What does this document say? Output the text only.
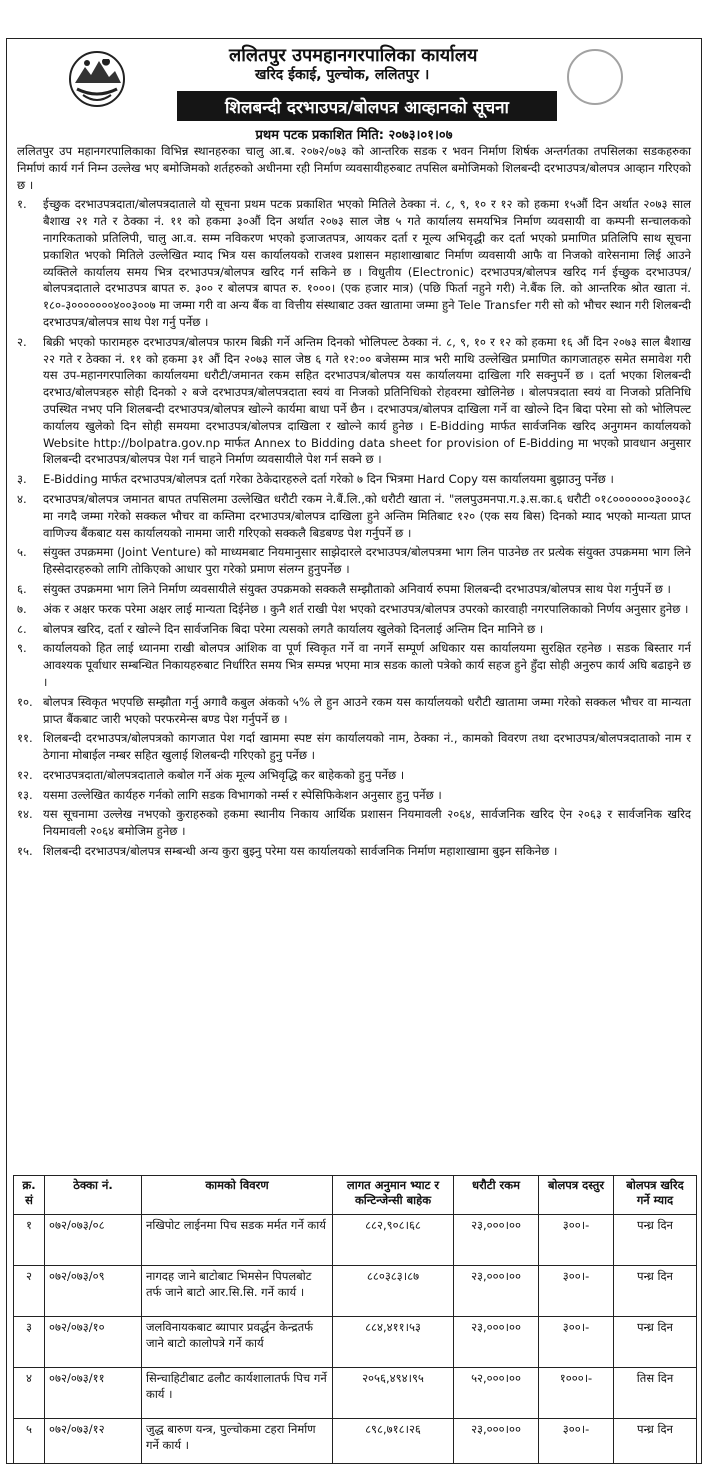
ललितपुर उपमहानगरपालिका कार्यालय
खरिद ईकाई, पुल्चोक, ललितपुर ।
शिलबन्दी दरभाउपत्र/बोलपत्र आव्हानको सूचना
प्रथम पटक प्रकाशित मिति: २०७३।०१।०७
ललितपुर उप महानगरपालिकाका विभिन्न स्थानहरुका चालु आ.ब. २०७२/०७३ को आन्तरिक सडक र भवन निर्माण शिर्षक अन्तर्गतका तपसिलका सडकहरुका निर्माणं कार्य गर्न निम्न उल्लेख भए बमोजिमको शर्तहरुको अधीनमा रही निर्माण व्यवसायीहरुबाट तपसिल बमोजिमको शिलबन्दी दरभाउपत्र/बोलपत्र आव्हान गरिएको छ ।
१.	ईच्छुक दरभाउपत्रदाता/बोलपत्रदाताले यो सूचना प्रथम पटक प्रकाशित भएको मितिले ठेक्का नं. ८, ९, १० र १२ को हकमा १५औं दिन अर्थात २०७३ साल बैशाख २१ गते र ठेक्का नं. ११ को हकमा ३०औं दिन अर्थात २०७३ साल जेष्ठ ५ गते कार्यालय समयभित्र निर्माण व्यवसायी वा कम्पनी सन्चालकको नागरिकताको प्रतिलिपी, चालु आ.व. सम्म नविकरण भएको इजाजतपत्र, आयकर दर्ता र मूल्य अभिवृद्धी कर दर्ता भएको प्रमाणित प्रतिलिपि साथ सूचना प्रकाशित भएको मितिले उल्लेखित म्याद भित्र यस कार्यालयको राजश्व प्रशासन महाशाखाबाट निर्माण व्यवसायी आफै वा निजको वारेसनामा लिई आउने व्यक्तिले कार्यालय समय भित्र दरभाउपत्र/बोलपत्र खरिद गर्न सकिने छ । विधुतीय (Electronic) दरभाउपत्र/बोलपत्र खरिद गर्न ईच्छुक दरभाउपत्र/बोलपत्रदाताले दरभाउपत्र बापत रु. ३०० र बोलपत्र बापत रु. १०००। (एक हजार मात्र) (पछि फिर्ता नहुने गरी) ने.बैंक लि. को आन्तरिक श्रोत खाता नं. १८०-३०००००००४००३००७ मा जम्मा गरी वा अन्य बैंक वा वित्तीय संस्थाबाट उक्त खातामा जम्मा हुने Tele Transfer गरी सो को भौचर स्थान गरी शिलबन्दी दरभाउपत्र/बोलपत्र साथ पेश गर्नु पर्नेछ ।
२.	बिक्री भएको फारामहरु दरभाउपत्र/बोलपत्र फारम बिक्री गर्ने अन्तिम दिनको भोलिपल्ट ठेक्का नं. ८, ९, १० र १२ को हकमा १६ औं दिन २०७३ साल बैशाख २२ गते र ठेक्का नं. ११ को हकमा ३१ औं दिन २०७३ साल जेष्ठ ६ गते १२:०० बजेसम्म मात्र भरी माथि उल्लेखित प्रमाणित कागजातहरु समेत समावेश गरी यस उप-महानगरपालिका कार्यालयमा धरौटी/जमानत रकम सहित दरभाउपत्र/बोलपत्र यस कार्यालयमा दाखिला गरि सक्नुपर्ने छ । दर्ता भएका शिलबन्दी दरभाउ/बोलपत्रहरु सोही दिनको २ बजे दरभाउपत्र/बोलपत्रदाता स्वयं वा निजको प्रतिनिधिको रोहवरमा खोलिनेछ । बोलपत्रदाता स्वयं वा निजको प्रतिनिधि उपस्थित नभए पनि शिलबन्दी दरभाउपत्र/बोलपत्र खोल्ने कार्यमा बाधा पर्ने छैन । दरभाउपत्र/बोलपत्र दाखिला गर्ने वा खोल्ने दिन बिदा परेमा सो को भोलिपल्ट कार्यालय खुलेको दिन सोही समयमा दरभाउपत्र/बोलपत्र दाखिला र खोल्ने कार्य हुनेछ । E-Bidding मार्फत सार्वजनिक खरिद अनुगमन कार्यालयको Website http://bolpatra.gov.np मार्फत Annex to Bidding data sheet for provision of E-Bidding मा भएको प्रावधान अनुसार शिलबन्दी दरभाउपत्र/बोलपत्र पेश गर्न चाहने निर्माण व्यवसायीले पेश गर्न सक्ने छ ।
३.	E-Bidding मार्फत दरभाउपत्र/बोलपत्र दर्ता गरेका ठेकेदारहरुले दर्ता गरेको ७ दिन भित्रमा Hard Copy यस कार्यालयमा बुझाउनु पर्नेछ ।
४.	दरभाउपत्र/बोलपत्र जमानत बापत तपसिलमा उल्लेखित धरौटी रकम ने.बैं.लि.,को धरौटी खाता नं. "ललपुउमनपा.ग.३.स.का.६ धरौटी ०१८०००००००३०००३८ मा नगदै जम्मा गरेको सक्कल भौचर वा कम्तिमा दरभाउपत्र/बोलपत्र दाखिला हुने अन्तिम मितिबाट १२० (एक सय बिस) दिनको म्याद भएको मान्यता प्राप्त वाणिज्य बैंकबाट यस कार्यालयको नाममा जारी गरिएको सक्कलै बिडबण्ड पेश गर्नुपर्ने छ ।
५.	संयुक्त उपक्रममा (Joint Venture) को माध्यमबाट नियमानुसार साझेदारले दरभाउपत्र/बोलपत्रमा भाग लिन पाउनेछ तर प्रत्येक संयुक्त उपक्रममा भाग लिने हिस्सेदारहरुको लागि तोकिएको आधार पुरा गरेको प्रमाण संलग्न हुनुपर्नेछ ।
६.	संयुक्त उपक्रममा भाग लिने निर्माण व्यवसायीले संयुक्त उपक्रमको सक्कलै सम्झौताको अनिवार्य रुपमा शिलबन्दी दरभाउपत्र/बोलपत्र साथ पेश गर्नुपर्ने छ ।
७.	अंक र अक्षर फरक परेमा अक्षर लाई मान्यता दिईनेछ । कुनै शर्त राखी पेश भएको दरभाउपत्र/बोलपत्र उपरको कारवाही नगरपालिकाको निर्णय अनुसार हुनेछ ।
८.	बोलपत्र खरिद, दर्ता र खोल्ने दिन सार्वजनिक बिदा परेमा त्यसको लगतै कार्यालय खुलेको दिनलाई अन्तिम दिन मानिने छ ।
९.	कार्यालयको हित लाई ध्यानमा राखी बोलपत्र आंशिक वा पूर्ण स्विकृत गर्ने वा नगर्ने सम्पूर्ण अधिकार यस कार्यालयमा सुरक्षित रहनेछ । सडक बिस्तार गर्न आवश्यक पूर्वाधार सम्बन्धित निकायहरुबाट निर्धारित समय भित्र सम्पन्न भएमा मात्र सडक कालो पत्रेको कार्य सहज हुने हुँदा सोही अनुरुप कार्य अघि बढाइने छ ।
१०. बोलपत्र स्विकृत भएपछि सम्झौता गर्नु अगावै कबुल अंकको ५% ले हुन आउने रकम यस कार्यालयको धरौटी खातामा जम्मा गरेको सक्कल भौचर वा मान्यता प्राप्त बैंकबाट जारी भएको परफरमेन्स बण्ड पेश गर्नुपर्ने छ ।
११. शिलबन्दी दरभाउपत्र/बोलपत्रको कागजात पेश गर्दा खाममा स्पष्ट संग कार्यालयको नाम, ठेक्का नं., कामको विवरण तथा दरभाउपत्र/बोलपत्रदाताको नाम र ठेगाना मोबाईल नम्बर सहित खुलाई शिलबन्दी गरिएको हुनु पर्नेछ ।
१२. दरभाउपत्रदाता/बोलपत्रदाताले कबोल गर्ने अंक मूल्य अभिवृद्धि कर बाहेकको हुनु पर्नेछ ।
१३. यसमा उल्लेखित कार्यहरु गर्नको लागि सडक विभागको नर्म्स र स्पेसिफिकेशन अनुसार हुनु पर्नेछ ।
१४. यस सूचनामा उल्लेख नभएको कुराहरुको हकमा स्थानीय निकाय आर्थिक प्रशासन नियमावली २०६४, सार्वजनिक खरिद ऐन २०६३ र सार्वजनिक खरिद नियमावली २०६४ बमोजिम हुनेछ ।
१५. शिलबन्दी दरभाउपत्र/बोलपत्र सम्बन्धी अन्य कुरा बुझ्नु परेमा यस कार्यालयको सार्वजनिक निर्माण महाशाखामा बुझ्न सकिनेछ ।
क्र. सं	ठेक्का नं.	कामको विवरण	लागत अनुमान भ्याट र कन्टिन्जेन्सी बाहेक	धरौटी रकम	बोलपत्र दस्तुर	बोलपत्र खरिद गर्ने म्याद
१	०७२/०७३/०८	नखिपोट लाईनमा पिच सडक मर्मत गर्ने कार्य	८८२,९०८।६८	२३,०००।००	३००।-	पन्ध्र दिन
२	०७२/०७३/०९	नागदह जाने बाटोबाट भिमसेन पिपलबोट तर्फ जाने बाटो आर.सि.सि. गर्ने कार्य ।	८८०३८३।८७	२३,०००।००	३००।-	पन्ध्र दिन
३	०७२/०७३/१०	जलविनायकबाट ब्यापार प्रवर्द्धन केन्द्रतर्फ जाने बाटो कालोपत्रे गर्ने कार्य	८८४,४११।५३	२३,०००।००	३००।-	पन्ध्र दिन
४	०७२/०७३/११	सिन्चाहिटीबाट ढलौट कार्यशालातर्फ पिच गर्ने कार्य ।	२०५६,४९४।९५	५२,०००।००	१०००।-	तिस दिन
५	०७२/०७३/१२	जुद्ध बारुण यन्त्र, पुल्चोकमा टहरा निर्माण गर्ने कार्य ।	८९८,७१८।२६	२३,०००।००	३००।-	पन्ध्र दिन
